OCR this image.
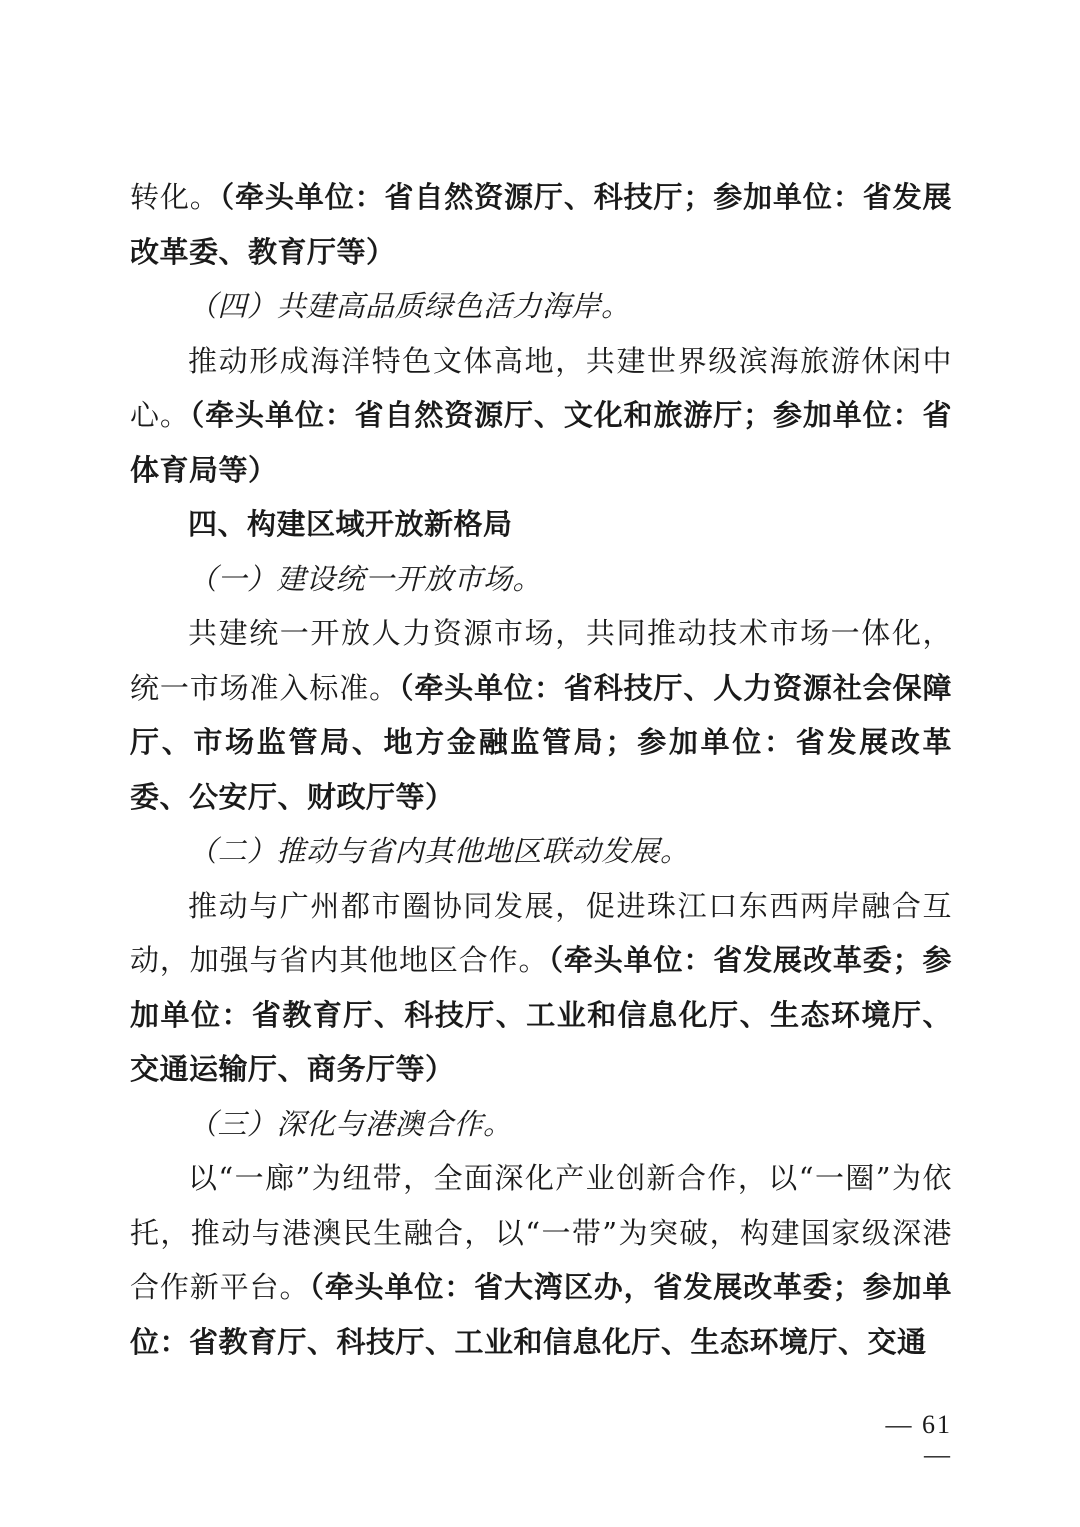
转化。（牵头单位：省自然资源厅、科技厅；参加单位：省发展改革委、教育厅等）

（四）共建高品质绿色活力海岸。

推动形成海洋特色文体高地，共建世界级滨海旅游休闲中心。（牵头单位：省自然资源厅、文化和旅游厅；参加单位：省体育局等）

四、构建区域开放新格局

（一）建设统一开放市场。

共建统一开放人力资源市场，共同推动技术市场一体化，统一市场准入标准。（牵头单位：省科技厅、人力资源社会保障厅、市场监管局、地方金融监管局；参加单位：省发展改革委、公安厅、财政厅等）

（二）推动与省内其他地区联动发展。

推动与广州都市圈协同发展，促进珠江口东西两岸融合互动，加强与省内其他地区合作。（牵头单位：省发展改革委；参加单位：省教育厅、科技厅、工业和信息化厅、生态环境厅、交通运输厅、商务厅等）

（三）深化与港澳合作。

以“一廊”为纽带，全面深化产业创新合作，以“一圈”为依托，推动与港澳民生融合，以“一带”为突破，构建国家级深港合作新平台。（牵头单位：省大湾区办，省发展改革委；参加单位：省教育厅、科技厅、工业和信息化厅、生态环境厅、交通

— 61 —
